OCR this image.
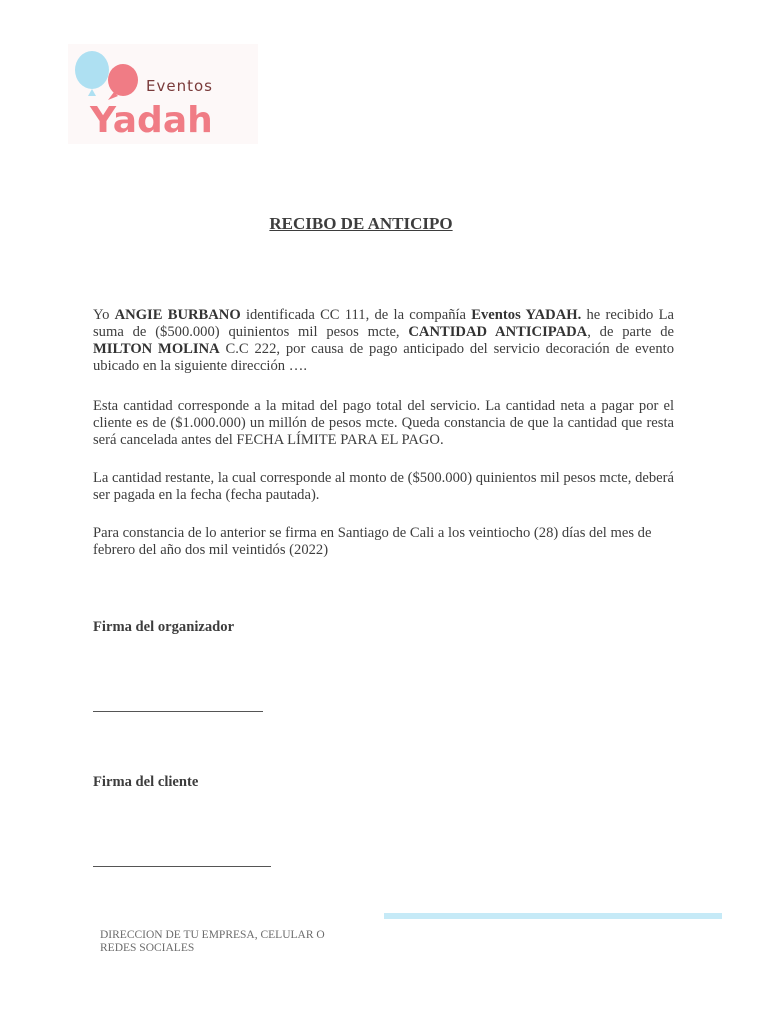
Eventos
Yadah
RECIBO DE ANTICIPO

Yo ANGIE BURBANO identificada CC 111, de la compañía Eventos YADAH. he recibido La suma de ($500.000) quinientos mil pesos mcte, CANTIDAD ANTICIPADA, de parte de MILTON MOLINA C.C 222, por causa de pago anticipado del servicio decoración de evento ubicado en la siguiente dirección ….

Esta cantidad corresponde a la mitad del pago total del servicio. La cantidad neta a pagar por el cliente es de ($1.000.000) un millón de pesos mcte. Queda constancia de que la cantidad que resta será cancelada antes del FECHA LÍMITE PARA EL PAGO.

La cantidad restante, la cual corresponde al monto de ($500.000) quinientos mil pesos mcte, deberá ser pagada en la fecha (fecha pautada).

Para constancia de lo anterior se firma en Santiago de Cali a los veintiocho (28) días del mes de febrero del año dos mil veintidós (2022)

Firma del organizador
Firma del cliente
DIRECCION DE TU EMPRESA, CELULAR O REDES SOCIALES
